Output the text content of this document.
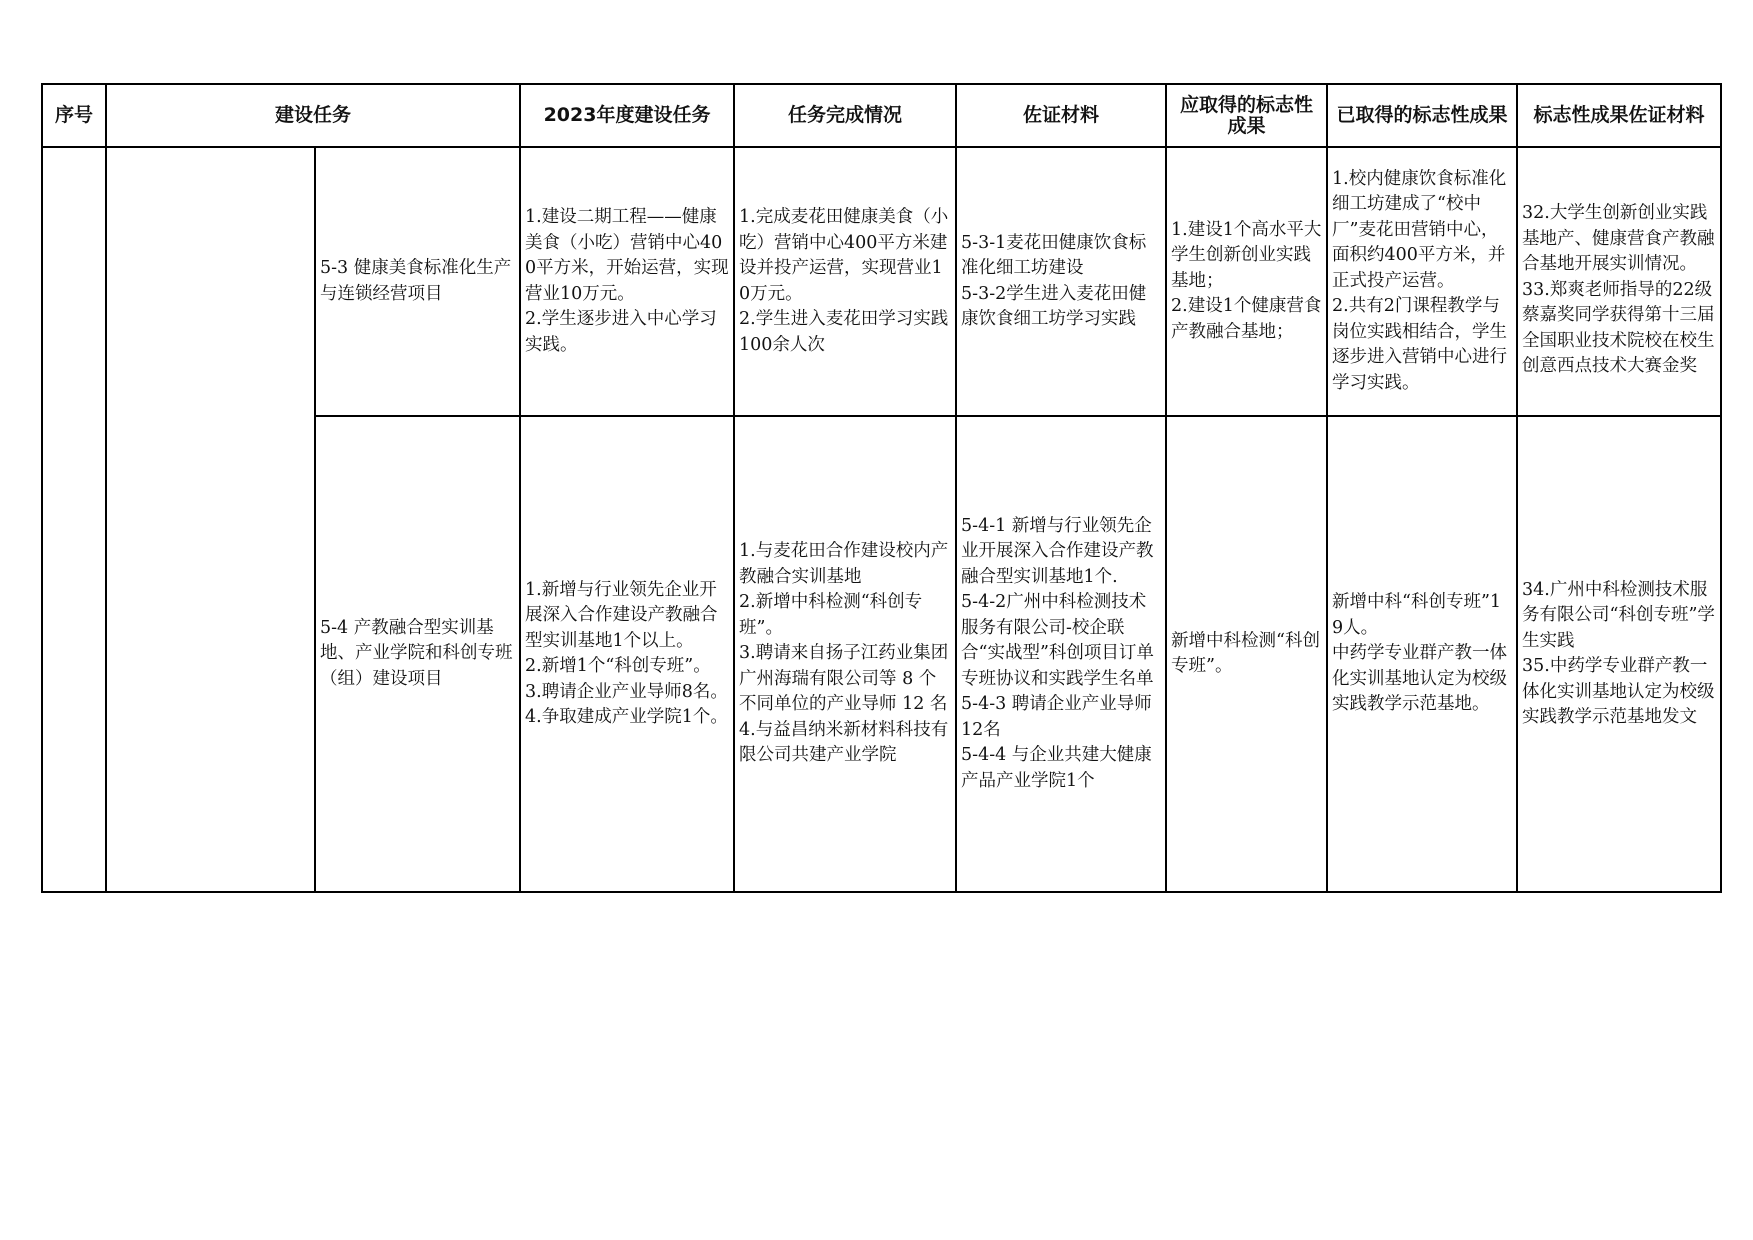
序号	建设任务		2023年度建设任务	任务完成情况	佐证材料	应取得的标志性成果	已取得的标志性成果	标志性成果佐证材料

		5-3 健康美食标准化生产与连锁经营项目	1.建设二期工程——健康美食（小吃）营销中心400平方米，开始运营，实现营业10万元。
2.学生逐步进入中心学习实践。	1.完成麦花田健康美食（小吃）营销中心400平方米建设并投产运营，实现营业10万元。
2.学生进入麦花田学习实践100余人次	5-3-1麦花田健康饮食标准化细工坊建设
5-3-2学生进入麦花田健康饮食细工坊学习实践	1.建设1个高水平大学生创新创业实践基地；
2.建设1个健康营食产教融合基地；	1.校内健康饮食标准化细工坊建成了“校中厂”麦花田营销中心，面积约400平方米，并正式投产运营。
2.共有2门课程教学与岗位实践相结合，学生逐步进入营销中心进行学习实践。	32.大学生创新创业实践基地产、健康营食产教融合基地开展实训情况。
33.郑爽老师指导的22级蔡嘉奖同学获得第十三届全国职业技术院校在校生创意西点技术大赛金奖

		5-4 产教融合型实训基地、产业学院和科创专班（组）建设项目	1.新增与行业领先企业开展深入合作建设产教融合型实训基地1个以上。
2.新增1个“科创专班”。
3.聘请企业产业导师8名。
4.争取建成产业学院1个。	1.与麦花田合作建设校内产教融合实训基地
2.新增中科检测“科创专班”。
3.聘请来自扬子江药业集团广州海瑞有限公司等 8 个不同单位的产业导师 12 名
4.与益昌纳米新材料科技有限公司共建产业学院	5-4-1 新增与行业领先企业开展深入合作建设产教融合型实训基地1个.
5-4-2广州中科检测技术服务有限公司-校企联合“实战型”科创项目订单专班协议和实践学生名单
5-4-3 聘请企业产业导师12名
5-4-4 与企业共建大健康产品产业学院1个	新增中科检测“科创专班”。	新增中科“科创专班”19人。
中药学专业群产教一体化实训基地认定为校级实践教学示范基地。	34.广州中科检测技术服务有限公司“科创专班”学生实践
35.中药学专业群产教一体化实训基地认定为校级实践教学示范基地发文
